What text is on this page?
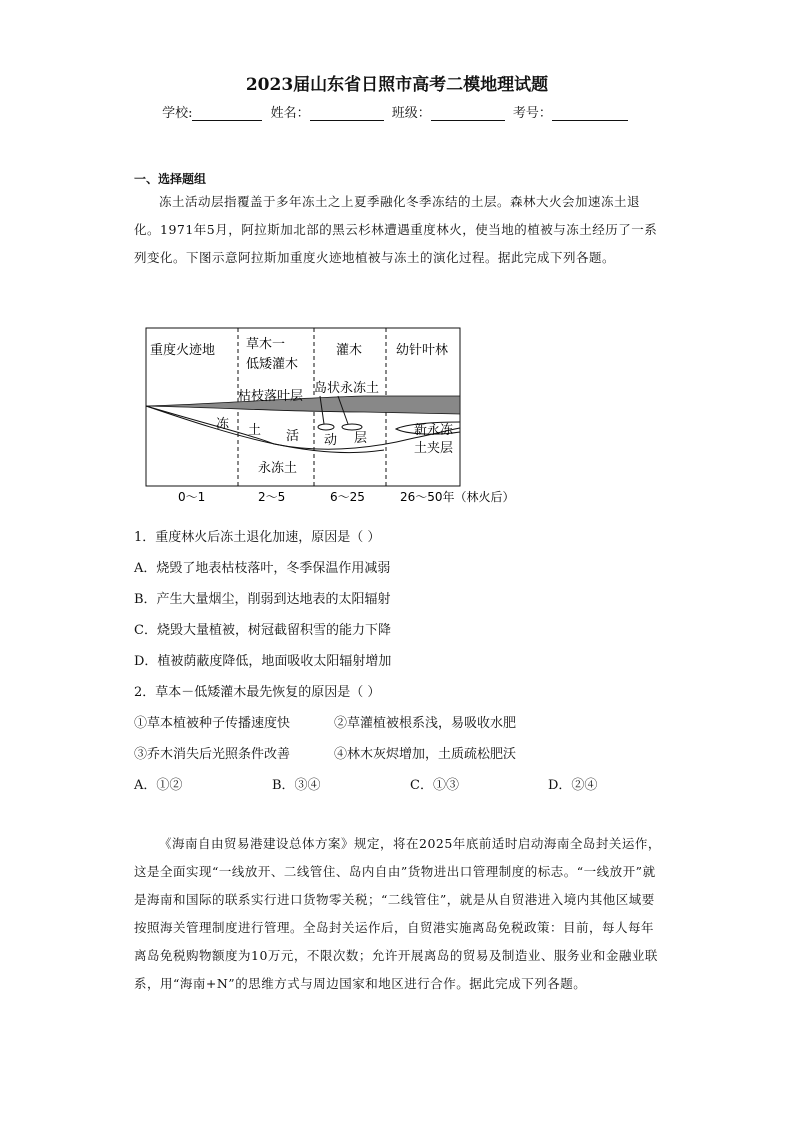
2023届山东省日照市高考二模地理试题
学校:	姓名：	班级：	考号：
一、选择题组
冻土活动层指覆盖于多年冻土之上夏季融化冬季冻结的土层。森林大火会加速冻土退化。1971年5月，阿拉斯加北部的黑云杉林遭遇重度林火，使当地的植被与冻土经历了一系列变化。下图示意阿拉斯加重度火迹地植被与冻土的演化过程。据此完成下列各题。
重度火迹地 草木一
低矮灌木
灌木	幼针叶林
枯枝落叶层
岛状永冻土
冻 土 活 动 层
永冻土
新永冻
土夹层
0～1	2～5	6～25	26～50年（林火后）
1．重度林火后冻土退化加速，原因是（ ）
A．烧毁了地表枯枝落叶，冬季保温作用减弱
B．产生大量烟尘，削弱到达地表的太阳辐射
C．烧毁大量植被，树冠截留积雪的能力下降
D．植被荫蔽度降低，地面吸收太阳辐射增加
2．草本－低矮灌木最先恢复的原因是（ ）
①草本植被种子传播速度快	②草灌植被根系浅，易吸收水肥
③乔木消失后光照条件改善	④林木灰烬增加，土质疏松肥沃
A．①②	B．③④	C．①③	D．②④
《海南自由贸易港建设总体方案》规定，将在2025年底前适时启动海南全岛封关运作，这是全面实现“一线放开、二线管住、岛内自由”货物进出口管理制度的标志。“一线放开”就是海南和国际的联系实行进口货物零关税；“二线管住”，就是从自贸港进入境内其他区域要按照海关管理制度进行管理。全岛封关运作后，自贸港实施离岛免税政策：目前，每人每年离岛免税购物额度为10万元，不限次数；允许开展离岛的贸易及制造业、服务业和金融业联系，用“海南+N”的思维方式与周边国家和地区进行合作。据此完成下列各题。
